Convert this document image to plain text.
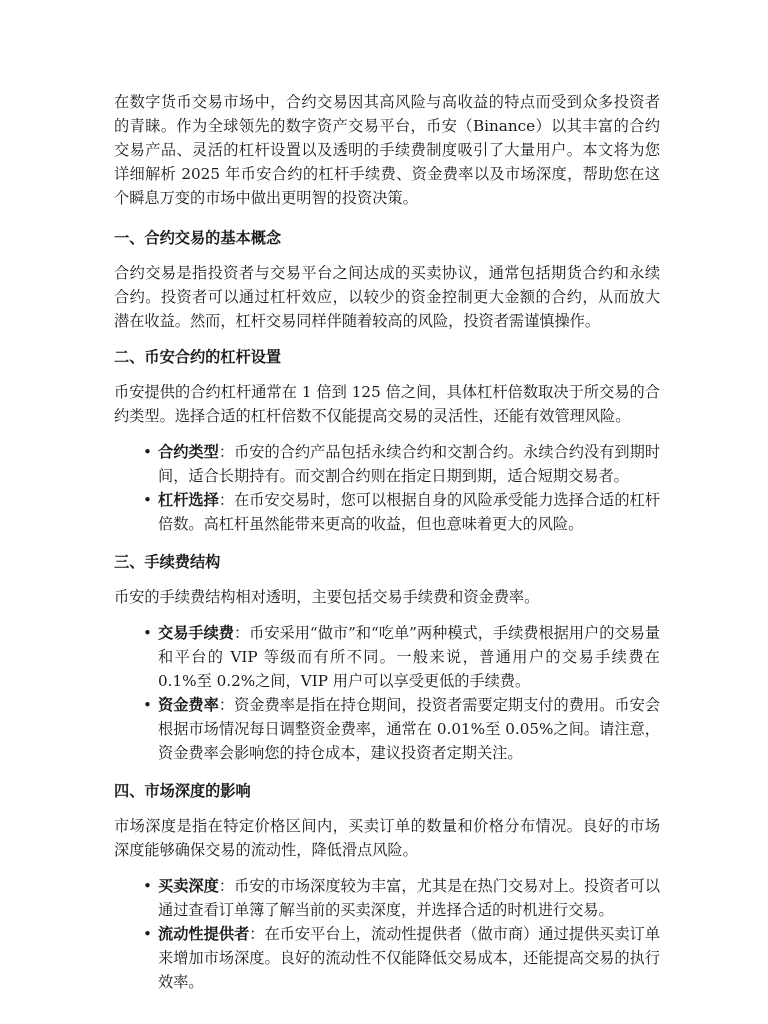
在数字货币交易市场中，合约交易因其高风险与高收益的特点而受到众多投资者的青睐。作为全球领先的数字资产交易平台，币安（Binance）以其丰富的合约交易产品、灵活的杠杆设置以及透明的手续费制度吸引了大量用户。本文将为您详细解析 2025 年币安合约的杠杆手续费、资金费率以及市场深度，帮助您在这个瞬息万变的市场中做出更明智的投资决策。

一、合约交易的基本概念

合约交易是指投资者与交易平台之间达成的买卖协议，通常包括期货合约和永续合约。投资者可以通过杠杆效应，以较少的资金控制更大金额的合约，从而放大潜在收益。然而，杠杆交易同样伴随着较高的风险，投资者需谨慎操作。

二、币安合约的杠杆设置

币安提供的合约杠杆通常在 1 倍到 125 倍之间，具体杠杆倍数取决于所交易的合约类型。选择合适的杠杆倍数不仅能提高交易的灵活性，还能有效管理风险。

• 合约类型：币安的合约产品包括永续合约和交割合约。永续合约没有到期时间，适合长期持有。而交割合约则在指定日期到期，适合短期交易者。
• 杠杆选择：在币安交易时，您可以根据自身的风险承受能力选择合适的杠杆倍数。高杠杆虽然能带来更高的收益，但也意味着更大的风险。
三、手续费结构

币安的手续费结构相对透明，主要包括交易手续费和资金费率。

• 交易手续费：币安采用“做市”和“吃单”两种模式，手续费根据用户的交易量和平台的 VIP 等级而有所不同。一般来说，普通用户的交易手续费在 0.1%至 0.2%之间，VIP 用户可以享受更低的手续费。
• 资金费率：资金费率是指在持仓期间，投资者需要定期支付的费用。币安会根据市场情况每日调整资金费率，通常在 0.01%至 0.05%之间。请注意，资金费率会影响您的持仓成本，建议投资者定期关注。
四、市场深度的影响

市场深度是指在特定价格区间内，买卖订单的数量和价格分布情况。良好的市场深度能够确保交易的流动性，降低滑点风险。

• 买卖深度：币安的市场深度较为丰富，尤其是在热门交易对上。投资者可以通过查看订单簿了解当前的买卖深度，并选择合适的时机进行交易。
• 流动性提供者：在币安平台上，流动性提供者（做市商）通过提供买卖订单来增加市场深度。良好的流动性不仅能降低交易成本，还能提高交易的执行效率。
